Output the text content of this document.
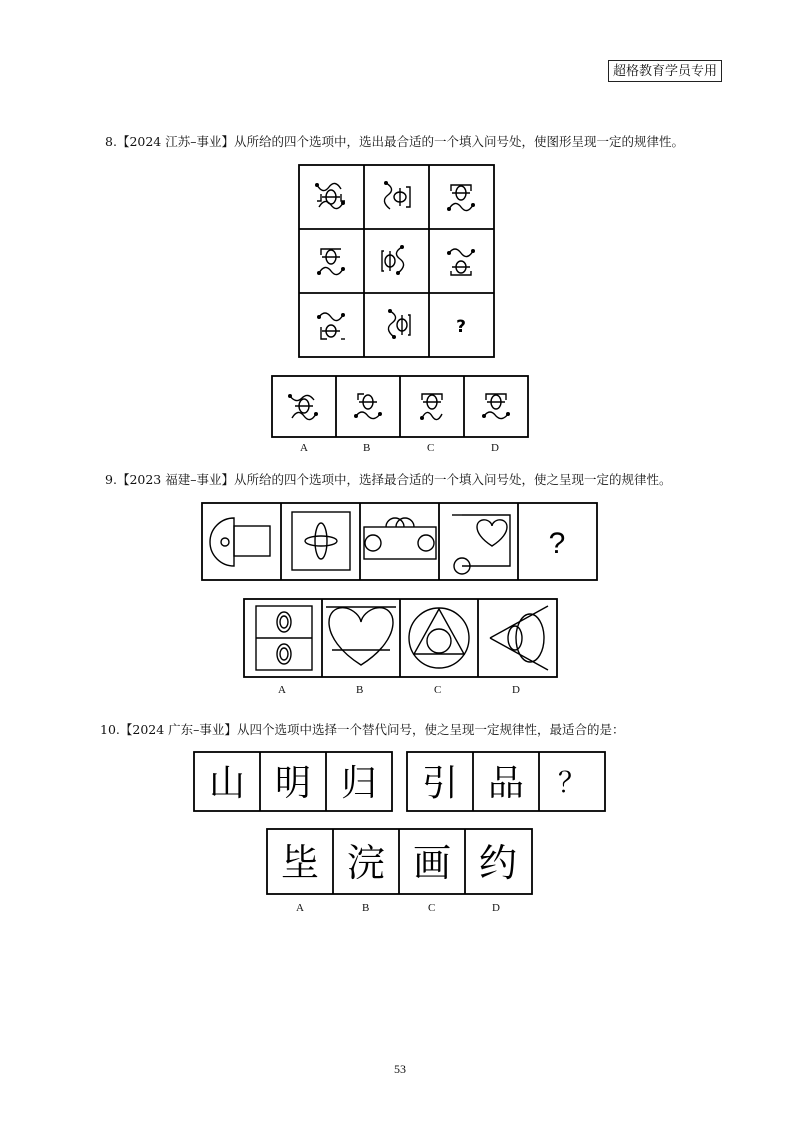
超格教育学员专用
8.【2024 江苏–事业】从所给的四个选项中，选出最合适的一个填入问号处，使图形呈现一定的规律性。
?
A	B	C	D
9.【2023 福建–事业】从所给的四个选项中，选择最合适的一个填入问号处，使之呈现一定的规律性。
?
A	B	C	D
10.【2024 广东–事业】从四个选项中选择一个替代问号，使之呈现一定规律性，最适合的是：
山 明 归 引 品 ？
坒 浣 画 约
A	B	C	D
53
